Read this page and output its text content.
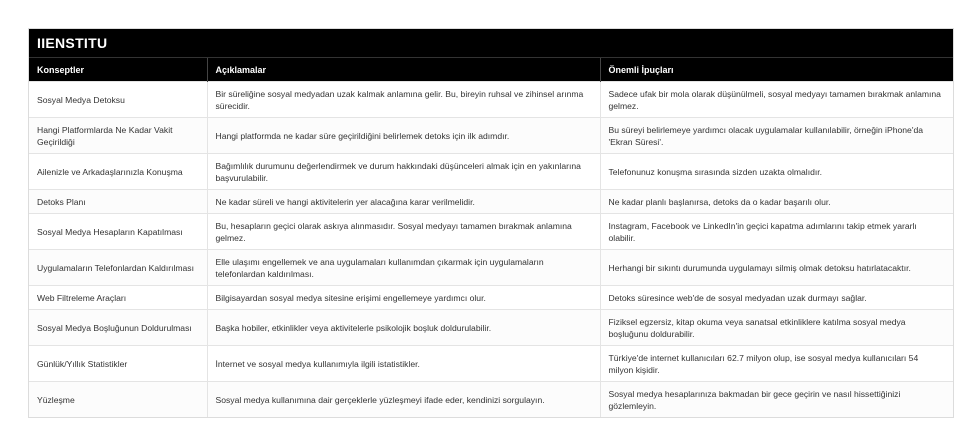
IIENSTITU
Konseptler	Açıklamalar	Önemli İpuçları
Sosyal Medya Detoksu	Bir süreliğine sosyal medyadan uzak kalmak anlamına gelir. Bu, bireyin ruhsal ve zihinsel arınma sürecidir.	Sadece ufak bir mola olarak düşünülmeli, sosyal medyayı tamamen bırakmak anlamına gelmez.
Hangi Platformlarda Ne Kadar Vakit Geçirildiği	Hangi platformda ne kadar süre geçirildiğini belirlemek detoks için ilk adımdır.	Bu süreyi belirlemeye yardımcı olacak uygulamalar kullanılabilir, örneğin iPhone'da 'Ekran Süresi'.
Ailenizle ve Arkadaşlarınızla Konuşma	Bağımlılık durumunu değerlendirmek ve durum hakkındaki düşünceleri almak için en yakınlarına başvurulabilir.	Telefonunuz konuşma sırasında sizden uzakta olmalıdır.
Detoks Planı	Ne kadar süreli ve hangi aktivitelerin yer alacağına karar verilmelidir.	Ne kadar planlı başlanırsa, detoks da o kadar başarılı olur.
Sosyal Medya Hesapların Kapatılması	Bu, hesapların geçici olarak askıya alınmasıdır. Sosyal medyayı tamamen bırakmak anlamına gelmez.	Instagram, Facebook ve LinkedIn'in geçici kapatma adımlarını takip etmek yararlı olabilir.
Uygulamaların Telefonlardan Kaldırılması	Elle ulaşımı engellemek ve ana uygulamaları kullanımdan çıkarmak için uygulamaların telefonlardan kaldırılması.	Herhangi bir sıkıntı durumunda uygulamayı silmiş olmak detoksu hatırlatacaktır.
Web Filtreleme Araçları	Bilgisayardan sosyal medya sitesine erişimi engellemeye yardımcı olur.	Detoks süresince web'de de sosyal medyadan uzak durmayı sağlar.
Sosyal Medya Boşluğunun Doldurulması	Başka hobiler, etkinlikler veya aktivitelerle psikolojik boşluk doldurulabilir.	Fiziksel egzersiz, kitap okuma veya sanatsal etkinliklere katılma sosyal medya boşluğunu doldurabilir.
Günlük/Yıllık Statistikler	İnternet ve sosyal medya kullanımıyla ilgili istatistikler.	Türkiye'de internet kullanıcıları 62.7 milyon olup, ise sosyal medya kullanıcıları 54 milyon kişidir.
Yüzleşme	Sosyal medya kullanımına dair gerçeklerle yüzleşmeyi ifade eder, kendinizi sorgulayın.	Sosyal medya hesaplarınıza bakmadan bir gece geçirin ve nasıl hissettiğinizi gözlemleyin.
